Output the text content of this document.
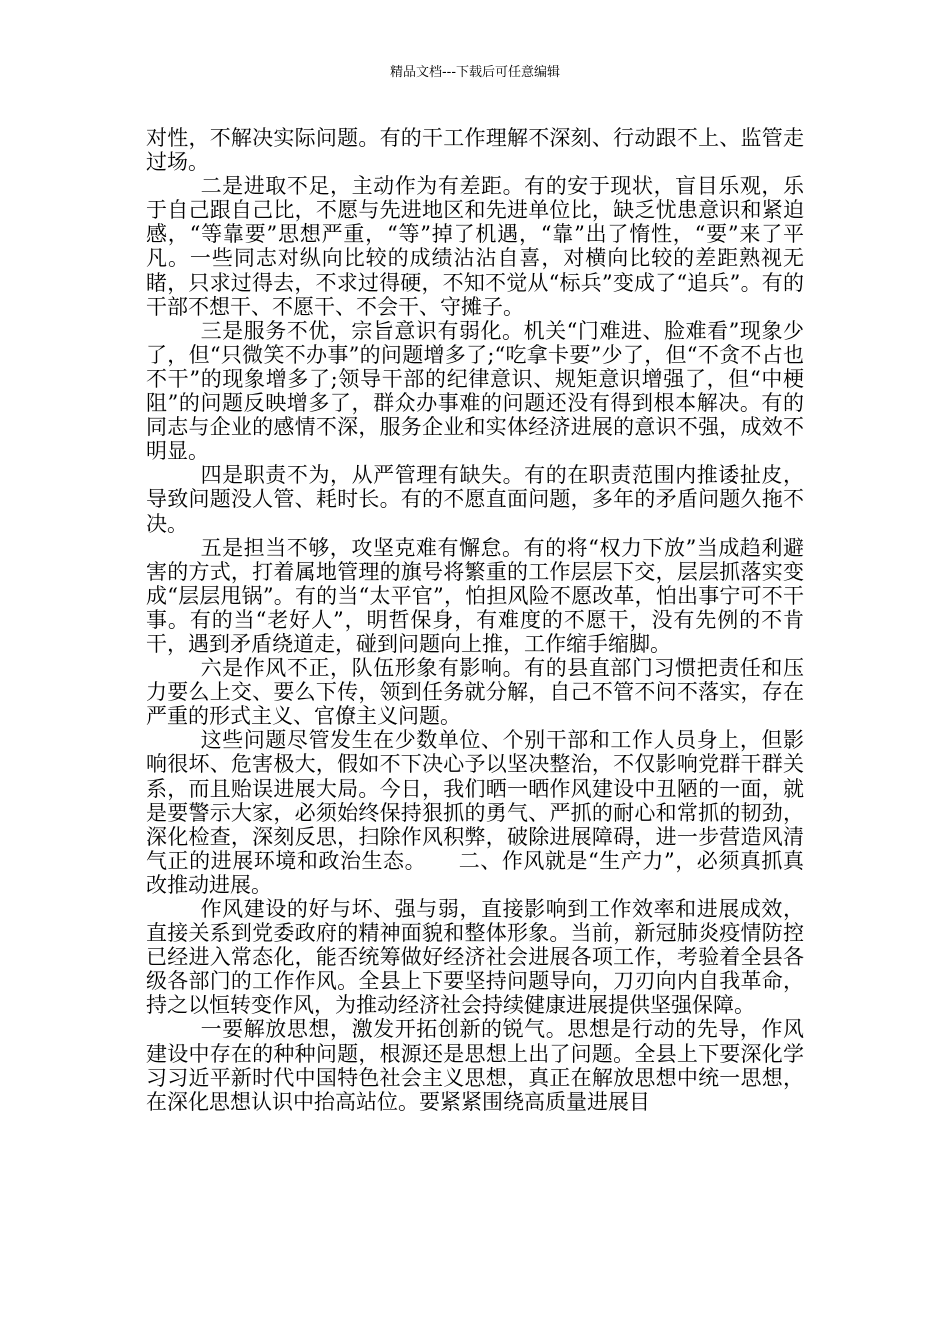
精品文档---下载后可任意编辑

对性，不解决实际问题。有的干工作理解不深刻、行动跟不上、监管走过场。

二是进取不足，主动作为有差距。有的安于现状，盲目乐观，乐于自己跟自己比，不愿与先进地区和先进单位比，缺乏忧患意识和紧迫感，“等靠要”思想严重，“等”掉了机遇，“靠”出了惰性，“要”来了平凡。一些同志对纵向比较的成绩沾沾自喜，对横向比较的差距熟视无睹，只求过得去，不求过得硬，不知不觉从“标兵”变成了“追兵”。有的干部不想干、不愿干、不会干、守摊子。

三是服务不优，宗旨意识有弱化。机关“门难进、脸难看”现象少了，但“只微笑不办事”的问题增多了;“吃拿卡要”少了，但“不贪不占也不干”的现象增多了;领导干部的纪律意识、规矩意识增强了，但“中梗阻”的问题反映增多了，群众办事难的问题还没有得到根本解决。有的同志与企业的感情不深，服务企业和实体经济进展的意识不强，成效不明显。

四是职责不为，从严管理有缺失。有的在职责范围内推诿扯皮，导致问题没人管、耗时长。有的不愿直面问题，多年的矛盾问题久拖不决。

五是担当不够，攻坚克难有懈怠。有的将“权力下放”当成趋利避害的方式，打着属地管理的旗号将繁重的工作层层下交，层层抓落实变成“层层甩锅”。有的当“太平官”，怕担风险不愿改革，怕出事宁可不干事。有的当“老好人”，明哲保身，有难度的不愿干，没有先例的不肯干，遇到矛盾绕道走，碰到问题向上推，工作缩手缩脚。

六是作风不正，队伍形象有影响。有的县直部门习惯把责任和压力要么上交、要么下传，领到任务就分解，自己不管不问不落实，存在严重的形式主义、官僚主义问题。

这些问题尽管发生在少数单位、个别干部和工作人员身上，但影响很坏、危害极大，假如不下决心予以坚决整治，不仅影响党群干群关系，而且贻误进展大局。今日，我们晒一晒作风建设中丑陋的一面，就是要警示大家，必须始终保持狠抓的勇气、严抓的耐心和常抓的韧劲，深化检查，深刻反思，扫除作风积弊，破除进展障碍，进一步营造风清气正的进展环境和政治生态。　　二、作风就是“生产力”，必须真抓真改推动进展。

作风建设的好与坏、强与弱，直接影响到工作效率和进展成效，直接关系到党委政府的精神面貌和整体形象。当前，新冠肺炎疫情防控已经进入常态化，能否统筹做好经济社会进展各项工作，考验着全县各级各部门的工作作风。全县上下要坚持问题导向，刀刃向内自我革命，持之以恒转变作风，为推动经济社会持续健康进展提供坚强保障。

一要解放思想，激发开拓创新的锐气。思想是行动的先导，作风建设中存在的种种问题，根源还是思想上出了问题。全县上下要深化学习习近平新时代中国特色社会主义思想，真正在解放思想中统一思想，在深化思想认识中抬高站位。要紧紧围绕高质量进展目
